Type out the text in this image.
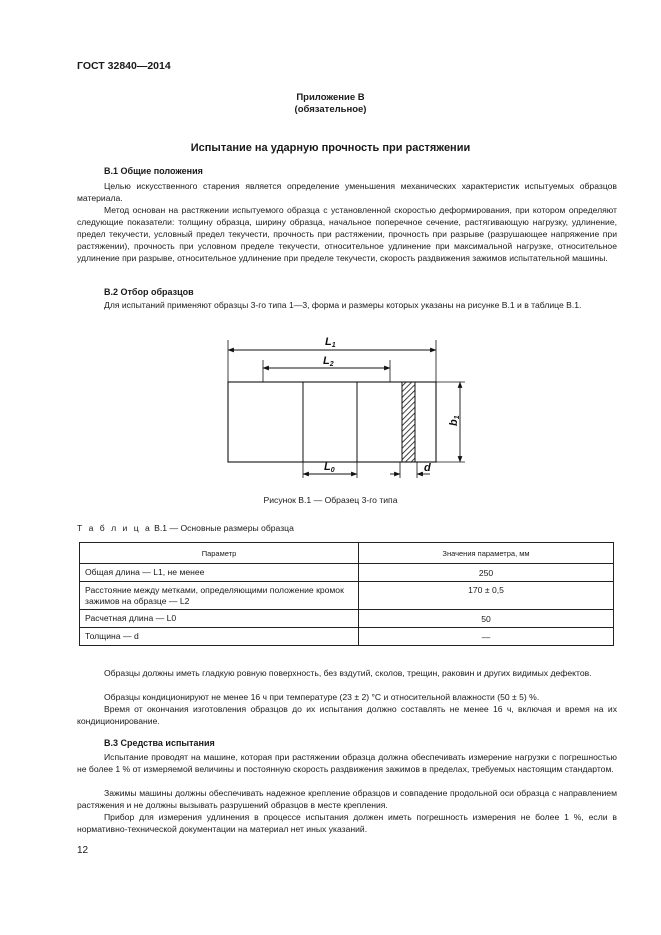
ГОСТ 32840—2014
Приложение В
(обязательное)
Испытание на ударную прочность при растяжении
В.1 Общие положения

Целью искусственного старения является определение уменьшения механических характеристик испытуемых образцов материала.

Метод основан на растяжении испытуемого образца с установленной скоростью деформирования, при котором определяют следующие показатели: толщину образца, ширину образца, начальное поперечное сечение, растягивающую нагрузку, удлинение, предел текучести, условный предел текучести, прочность при растяжении, прочность при разрыве (разрушающее напряжение при растяжении), прочность при условном пределе текучести, относительное удлинение при максимальной нагрузке, относительное удлинение при разрыве, относительное удлинение при пределе текучести, скорость раздвижения зажимов испытательной машины.

В.2 Отбор образцов

Для испытаний применяют образцы 3-го типа 1—3, форма и размеры которых указаны на рисунке В.1 и в таблице В.1.

L1
L2
L0	d
b1
Рисунок В.1 — Образец 3-го типа
Т а б л и ц а В.1 — Основные размеры образца
Параметр	Значения параметра, мм
Общая длина — L1, не менее	250
Расстояние между метками, определяющими положение кромок зажимов на образце — L2	170 ± 0,5
Расчетная длина — L0	50
Толщина — d	—

Образцы должны иметь гладкую ровную поверхность, без вздутий, сколов, трещин, раковин и других видимых дефектов.

Образцы кондиционируют не менее 16 ч при температуре (23 ± 2) °С и относительной влажности (50 ± 5) %.

Время от окончания изготовления образцов до их испытания должно составлять не менее 16 ч, включая и время на их кондиционирование.

В.3 Средства испытания

Испытание проводят на машине, которая при растяжении образца должна обеспечивать измерение нагрузки с погрешностью не более 1 % от измеряемой величины и постоянную скорость раздвижения зажимов в пределах, требуемых настоящим стандартом.

Зажимы машины должны обеспечивать надежное крепление образцов и совпадение продольной оси образца с направлением растяжения и не должны вызывать разрушений образцов в месте крепления.

Прибор для измерения удлинения в процессе испытания должен иметь погрешность измерения не более 1 %, если в нормативно-технической документации на материал нет иных указаний.

12
